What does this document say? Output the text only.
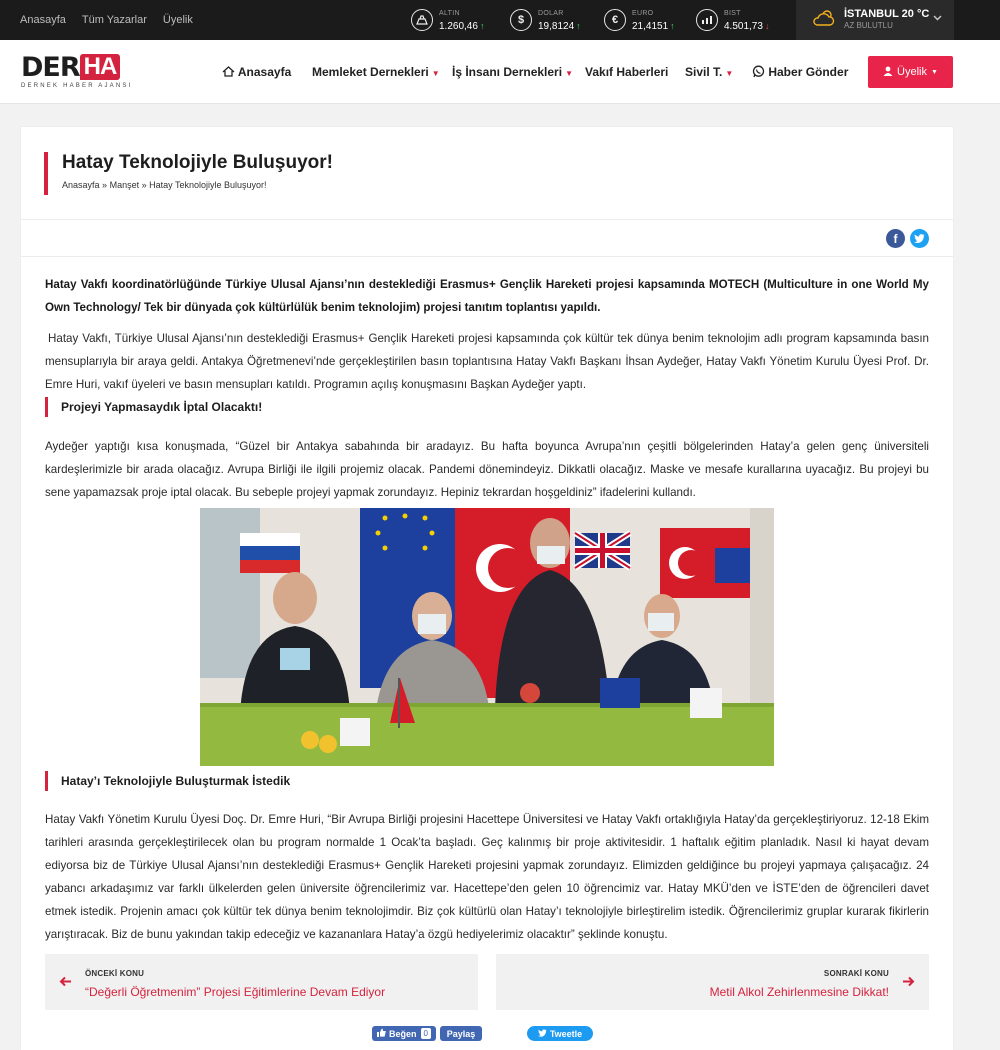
Anasayfa Tüm Yazarlar Üyelik
ALTIN
1.260,46 ↑	$
DOLAR
19,8124 ↑	€
EURO
21,4151 ↑
BIST
4.501,73 ↓
İSTANBUL 20 °C
AZ BULUTLU
DER HA
DERNEK HABER AJANSI
Anasayfa Memleket Dernekleri ▼ İş İnsanı Dernekleri ▼ Vakıf Haberleri Sivil T. ▼	Haber Gönder	Üyelik ▼
Hatay Teknolojiyle Buluşuyor!
Anasayfa » Manşet » Hatay Teknolojiyle Buluşuyor!
f

Hatay Vakfı koordinatörlüğünde Türkiye Ulusal Ajansı’nın desteklediği Erasmus+ Gençlik Hareketi projesi kapsamında MOTECH (Multiculture in one World My Own Technology/ Tek bir dünyada çok kültürlülük benim teknolojim) projesi tanıtım toplantısı yapıldı.

Hatay Vakfı, Türkiye Ulusal Ajansı’nın desteklediği Erasmus+ Gençlik Hareketi projesi kapsamında çok kültür tek dünya benim teknolojim adlı program kapsamında basın mensuplarıyla bir araya geldi. Antakya Öğretmenevi’nde gerçekleştirilen basın toplantısına Hatay Vakfı Başkanı İhsan Aydeğer, Hatay Vakfı Yönetim Kurulu Üyesi Prof. Dr. Emre Huri, vakıf üyeleri ve basın mensupları katıldı. Programın açılış konuşmasını Başkan Aydeğer yaptı.

Projeyi Yapmasaydık İptal Olacaktı!

Aydeğer yaptığı kısa konuşmada, “Güzel bir Antakya sabahında bir aradayız. Bu hafta boyunca Avrupa’nın çeşitli bölgelerinden Hatay’a gelen genç üniversiteli kardeşlerimizle bir arada olacağız. Avrupa Birliği ile ilgili projemiz olacak. Pandemi dönemindeyiz. Dikkatli olacağız. Maske ve mesafe kurallarına uyacağız. Bu projeyi bu sene yapamazsak proje iptal olacak. Bu sebeple projeyi yapmak zorundayız. Hepiniz tekrardan hoşgeldiniz” ifadelerini kullandı.

Hatay’ı Teknolojiyle Buluşturmak İstedik

Hatay Vakfı Yönetim Kurulu Üyesi Doç. Dr. Emre Huri, “Bir Avrupa Birliği projesini Hacettepe Üniversitesi ve Hatay Vakfı ortaklığıyla Hatay’da gerçekleştiriyoruz. 12-18 Ekim tarihleri arasında gerçekleştirilecek olan bu program normalde 1 Ocak’ta başladı. Geç kalınmış bir proje aktivitesidir. 1 haftalık eğitim planladık. Nasıl ki hayat devam ediyorsa biz de Türkiye Ulusal Ajansı’nın desteklediği Erasmus+ Gençlik Hareketi projesini yapmak zorundayız. Elimizden geldiğince bu projeyi yapmaya çalışacağız. 24 yabancı arkadaşımız var farklı ülkelerden gelen üniversite öğrencilerimiz var. Hacettepe’den gelen 10 öğrencimiz var. Hatay MKÜ’den ve İSTE’den de öğrencileri davet etmek istedik. Projenin amacı çok kültür tek dünya benim teknolojimdir. Biz çok kültürlü olan Hatay’ı teknolojiyle birleştirelim istedik. Öğrencilerimiz gruplar kurarak fikirlerin yarıştıracak. Biz de bunu yakından takip edeceğiz ve kazananlara Hatay’a özgü hediyelerimiz olacaktır” şeklinde konuştu.

ÖNCEKİ KONU
“Değerli Öğretmenim” Projesi Eğitimlerine Devam Ediyor
SONRAKİ KONU
Metil Alkol Zehirlenmesine Dikkat!
Beğen 0	Paylaş	Tweetle
